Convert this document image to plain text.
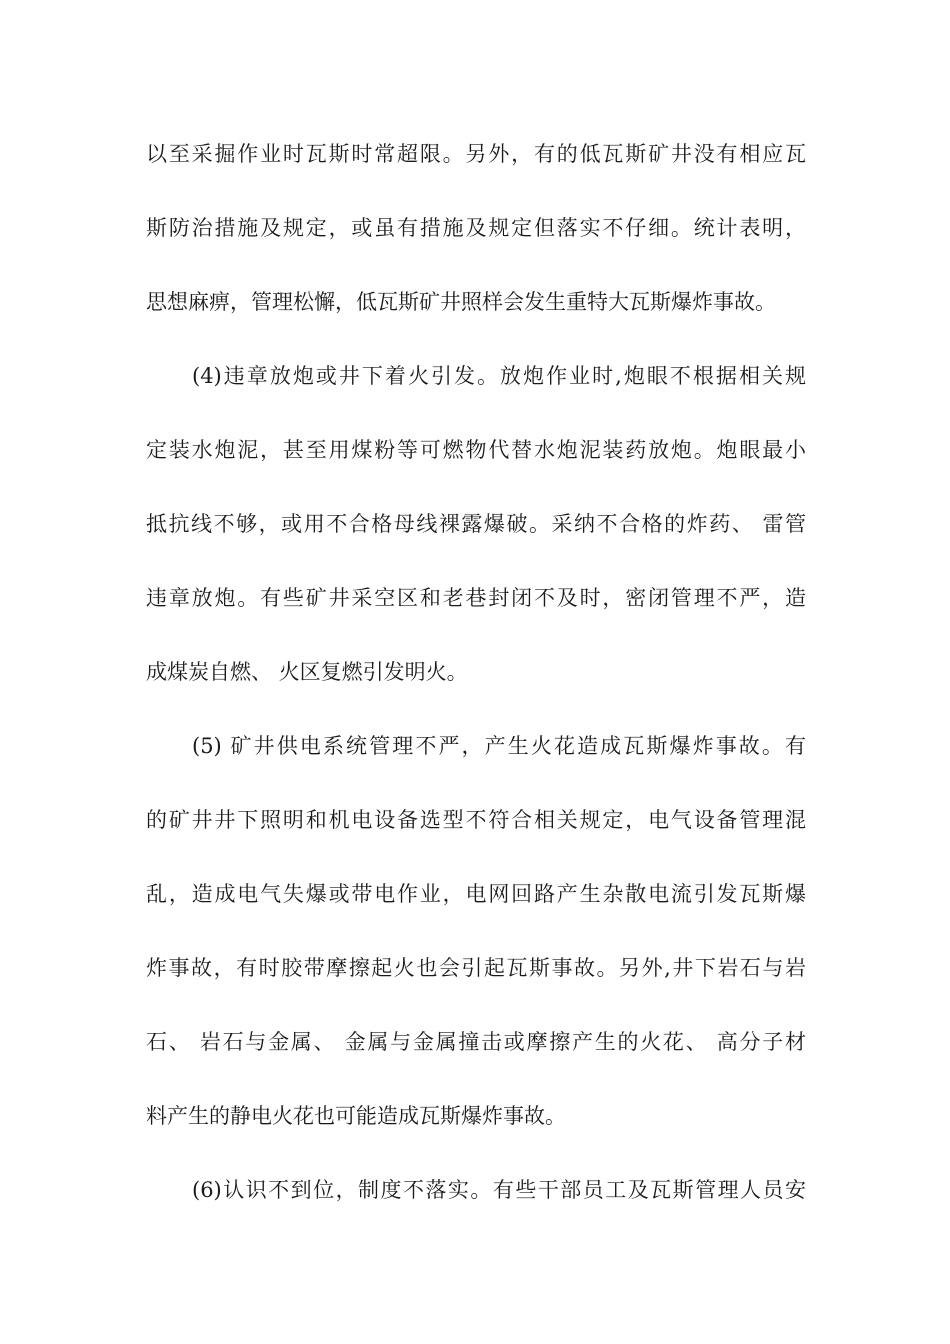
以至采掘作业时瓦斯时常超限。另外，有的低瓦斯矿井没有相应瓦
斯防治措施及规定，或虽有措施及规定但落实不仔细。统计表明，
思想麻痹，管理松懈，低瓦斯矿井照样会发生重特大瓦斯爆炸事故。
(4)违章放炮或井下着火引发。放炮作业时,炮眼不根据相关规
定装水炮泥，甚至用煤粉等可燃物代替水炮泥装药放炮。炮眼最小
抵抗线不够，或用不合格母线裸露爆破。采纳不合格的炸药、 雷管
违章放炮。有些矿井采空区和老巷封闭不及时，密闭管理不严，造
成煤炭自燃、 火区复燃引发明火。
(5) 矿井供电系统管理不严，产生火花造成瓦斯爆炸事故。有
的矿井井下照明和机电设备选型不符合相关规定，电气设备管理混
乱，造成电气失爆或带电作业，电网回路产生杂散电流引发瓦斯爆
炸事故，有时胶带摩擦起火也会引起瓦斯事故。另外,井下岩石与岩
石、 岩石与金属、 金属与金属撞击或摩擦产生的火花、 高分子材
料产生的静电火花也可能造成瓦斯爆炸事故。
(6)认识不到位，制度不落实。有些干部员工及瓦斯管理人员安
